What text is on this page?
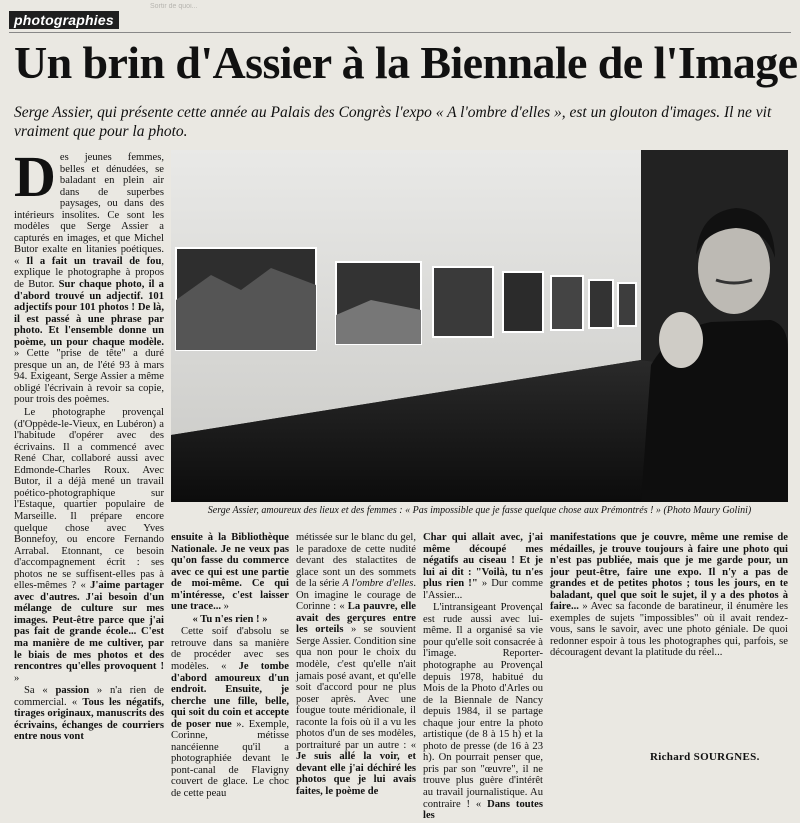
Sortir de quoi...
photographies
Un brin d'Assier à la Biennale de l'Image
Serge Assier, qui présente cette année au Palais des Congrès l'expo « A l'ombre d'elles », est un glouton d'images. Il ne vit vraiment que pour la photo.

Des jeunes femmes, belles et dénudées, se baladant en plein air dans de superbes paysages, ou dans des intérieurs insolites. Ce sont les modèles que Serge Assier a capturés en images, et que Michel Butor exalte en litanies poétiques. « Il a fait un travail de fou, explique le photographe à propos de Butor. Sur chaque photo, il a d'abord trouvé un adjectif. 101 adjectifs pour 101 photos ! De là, il est passé à une phrase par photo. Et l'ensemble donne un poème, un pour chaque modèle. » Cette "prise de tête" a duré presque un an, de l'été 93 à mars 94. Exigeant, Serge Assier a même obligé l'écrivain à revoir sa copie, pour trois des poèmes.

Le photographe provençal (d'Oppède-le-Vieux, en Lubéron) a l'habitude d'opérer avec des écrivains. Il a commencé avec René Char, collaboré aussi avec Edmonde-Charles Roux. Avec Butor, il a déjà mené un travail poético-photographique sur l'Estaque, quartier populaire de Marseille. Il prépare encore quelque chose avec Yves Bonnefoy, ou encore Fernando Arrabal. Etonnant, ce besoin d'accompagnement écrit : ses photos ne se suffisent-elles pas à elles-mêmes ? « J'aime partager avec d'autres. J'ai besoin d'un mélange de culture sur mes images. Peut-être parce que j'ai pas fait de grande école... C'est ma manière de me cultiver, par le biais de mes photos et des rencontres qu'elles provoquent ! »

Sa « passion » n'a rien de commercial. « Tous les négatifs, tirages originaux, manuscrits des écrivains, échanges de courriers entre nous vont

Serge Assier, amoureux des lieux et des femmes : « Pas impossible que je fasse quelque chose aux Prémontrés ! » (Photo Maury Golini)

ensuite à la Bibliothèque Nationale. Je ne veux pas qu'on fasse du commerce avec ce qui est une partie de moi-même. Ce qui m'intéresse, c'est laisser une trace... »

« Tu n'es rien ! »

Cette soif d'absolu se retrouve dans sa manière de procéder avec ses modèles. « Je tombe d'abord amoureux d'un endroit. Ensuite, je cherche une fille, belle, qui soit du coin et accepte de poser nue ». Exemple, Corinne, métisse nancéienne qu'il a photographiée devant le pont-canal de Flavigny couvert de glace. Le choc de cette peau

métissée sur le blanc du gel, le paradoxe de cette nudité devant des stalactites de glace sont un des sommets de la série A l'ombre d'elles. On imagine le courage de Corinne : « La pauvre, elle avait des gerçures entre les orteils » se souvient Serge Assier. Condition sine qua non pour le choix du modèle, c'est qu'elle n'ait jamais posé avant, et qu'elle soit d'accord pour ne plus poser après. Avec une fougue toute méridionale, il raconte la fois où il a vu les photos d'un de ses modèles, portraituré par un autre : « Je suis allé la voir, et devant elle j'ai déchiré les photos que je lui avais faites, le poème de

Char qui allait avec, j'ai même découpé mes négatifs au ciseau ! Et je lui ai dit : "Voilà, tu n'es plus rien !" » Dur comme l'Assier...

L'intransigeant Provençal est rude aussi avec lui-même. Il a organisé sa vie pour qu'elle soit consacrée à l'image. Reporter-photographe au Provençal depuis 1978, habitué du Mois de la Photo d'Arles ou de la Biennale de Nancy depuis 1984, il se partage chaque jour entre la photo artistique (de 8 à 15 h) et la photo de presse (de 16 à 23 h). On pourrait penser que, pris par son "œuvre", il ne trouve plus guère d'intérêt au travail journalistique. Au contraire ! « Dans toutes les

manifestations que je couvre, même une remise de médailles, je trouve toujours à faire une photo qui n'est pas publiée, mais que je me garde pour, un jour peut-être, faire une expo. Il n'y a pas de grandes et de petites photos ; tous les jours, en te baladant, quel que soit le sujet, il y a des photos à faire... » Avec sa faconde de baratineur, il énumère les exemples de sujets "impossibles" où il avait rendez-vous, sans le savoir, avec une photo géniale. De quoi redonner espoir à tous les photographes qui, parfois, se découragent devant la platitude du réel...

Richard SOURGNES.
